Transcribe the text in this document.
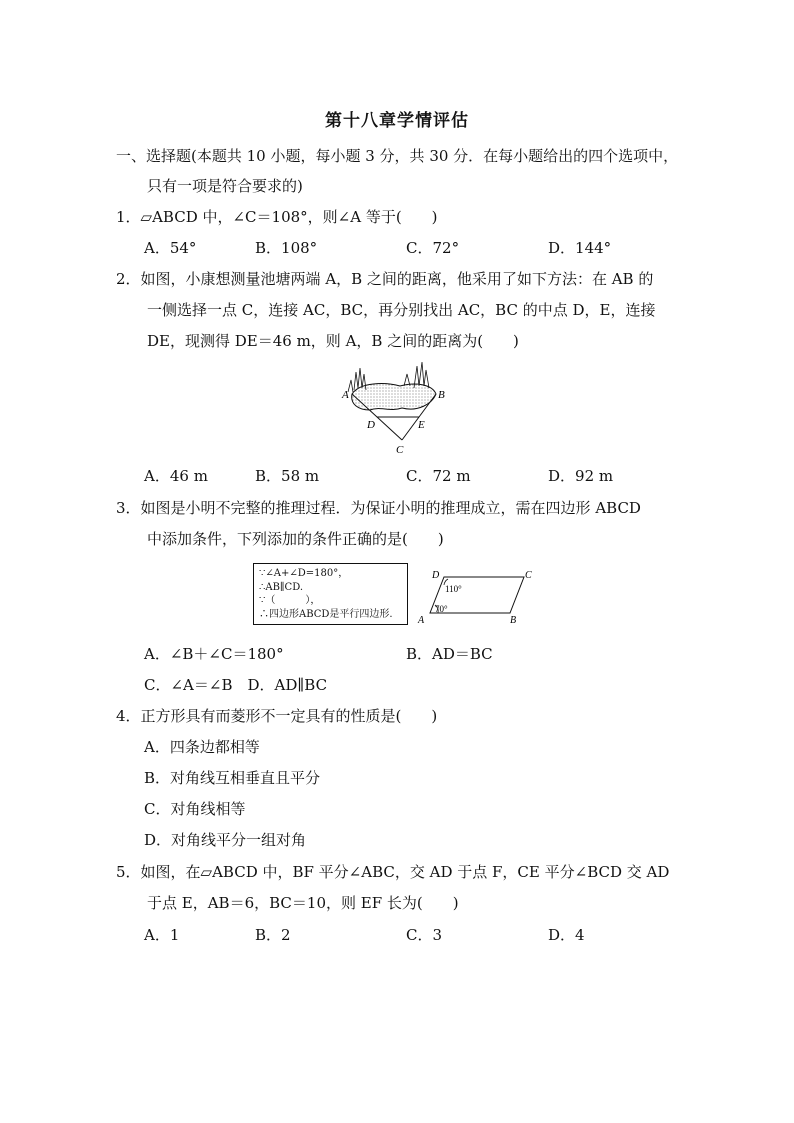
第十八章学情评估
一、选择题(本题共 10 小题，每小题 3 分，共 30 分．在每小题给出的四个选项中，
只有一项是符合要求的)
1．▱ABCD 中，∠C＝108°，则∠A 等于(　　)
A．54°	B．108°	C．72°	D．144°
2．如图，小康想测量池塘两端 A，B 之间的距离，他采用了如下方法：在 AB 的
一侧选择一点 C，连接 AC，BC，再分别找出 AC，BC 的中点 D，E，连接
DE，现测得 DE＝46 m，则 A，B 之间的距离为(　　)
A	B
D	E
C
A．46 m	B．58 m	C．72 m	D．92 m
3．如图是小明不完整的推理过程．为保证小明的推理成立，需在四边形 ABCD
中添加条件，下列添加的条件正确的是(　　)
∵∠A+∠D=180°，
∴AB∥CD.
∵（　　　），
∴四边形ABCD是平行四边形.
D	C
A	B
110°
70°
A．∠B＋∠C＝180°	B．AD＝BC
C．∠A＝∠B　D．AD∥BC
4．正方形具有而菱形不一定具有的性质是(　　)
A．四条边都相等
B．对角线互相垂直且平分
C．对角线相等
D．对角线平分一组对角
5．如图，在▱ABCD 中，BF 平分∠ABC，交 AD 于点 F，CE 平分∠BCD 交 AD
于点 E，AB＝6，BC＝10，则 EF 长为(　　)
A．1	B．2	C．3	D．4
